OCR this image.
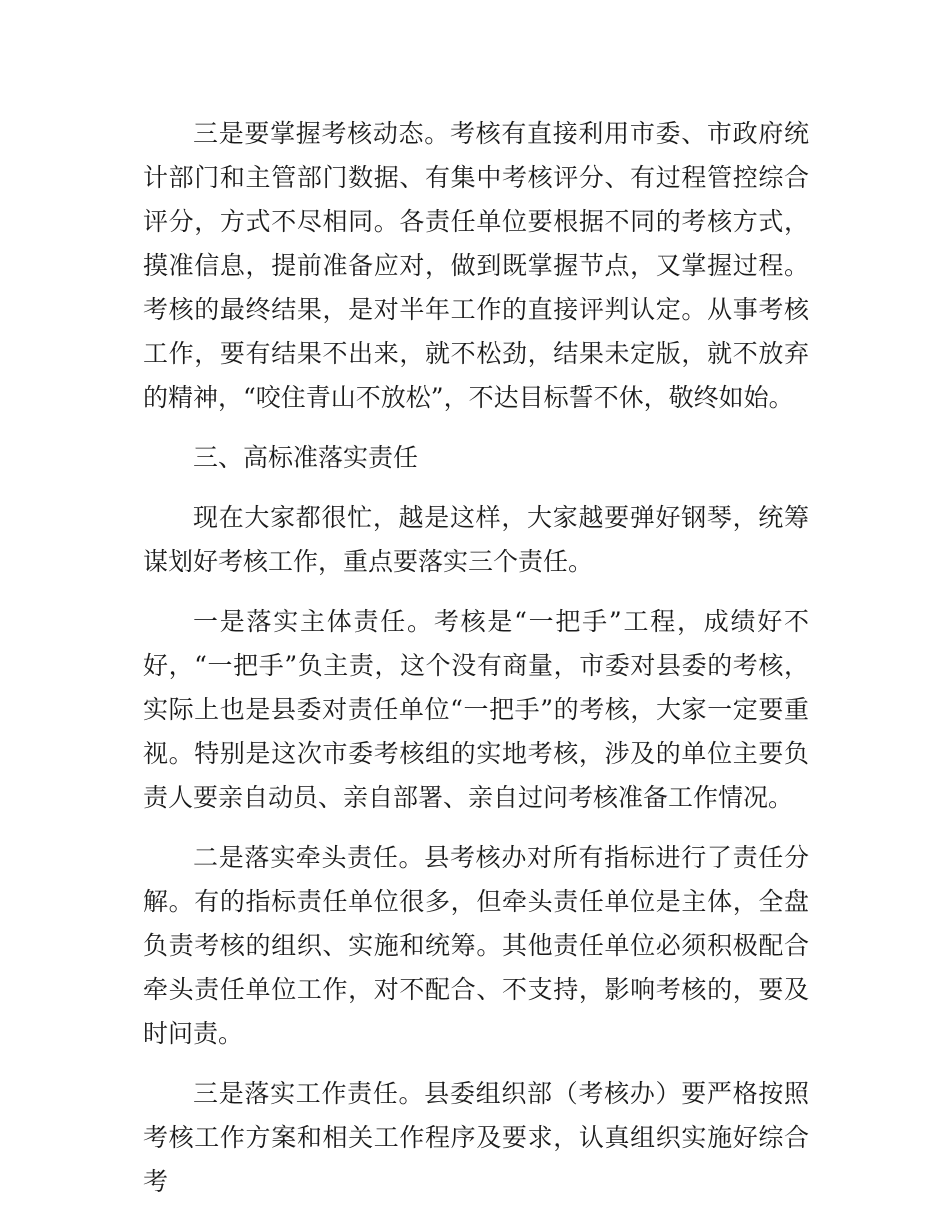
三是要掌握考核动态。考核有直接利用市委、市政府统计部门和主管部门数据、有集中考核评分、有过程管控综合评分，方式不尽相同。各责任单位要根据不同的考核方式，摸准信息，提前准备应对，做到既掌握节点，又掌握过程。考核的最终结果，是对半年工作的直接评判认定。从事考核工作，要有结果不出来，就不松劲，结果未定版，就不放弃的精神，“咬住青山不放松”，不达目标誓不休，敬终如始。

三、高标准落实责任

现在大家都很忙，越是这样，大家越要弹好钢琴，统筹谋划好考核工作，重点要落实三个责任。

一是落实主体责任。考核是“一把手”工程，成绩好不好，“一把手”负主责，这个没有商量，市委对县委的考核，实际上也是县委对责任单位“一把手”的考核，大家一定要重视。特别是这次市委考核组的实地考核，涉及的单位主要负责人要亲自动员、亲自部署、亲自过问考核准备工作情况。

二是落实牵头责任。县考核办对所有指标进行了责任分解。有的指标责任单位很多，但牵头责任单位是主体，全盘负责考核的组织、实施和统筹。其他责任单位必须积极配合牵头责任单位工作，对不配合、不支持，影响考核的，要及时问责。

三是落实工作责任。县委组织部（考核办）要严格按照考核工作方案和相关工作程序及要求，认真组织实施好综合考
